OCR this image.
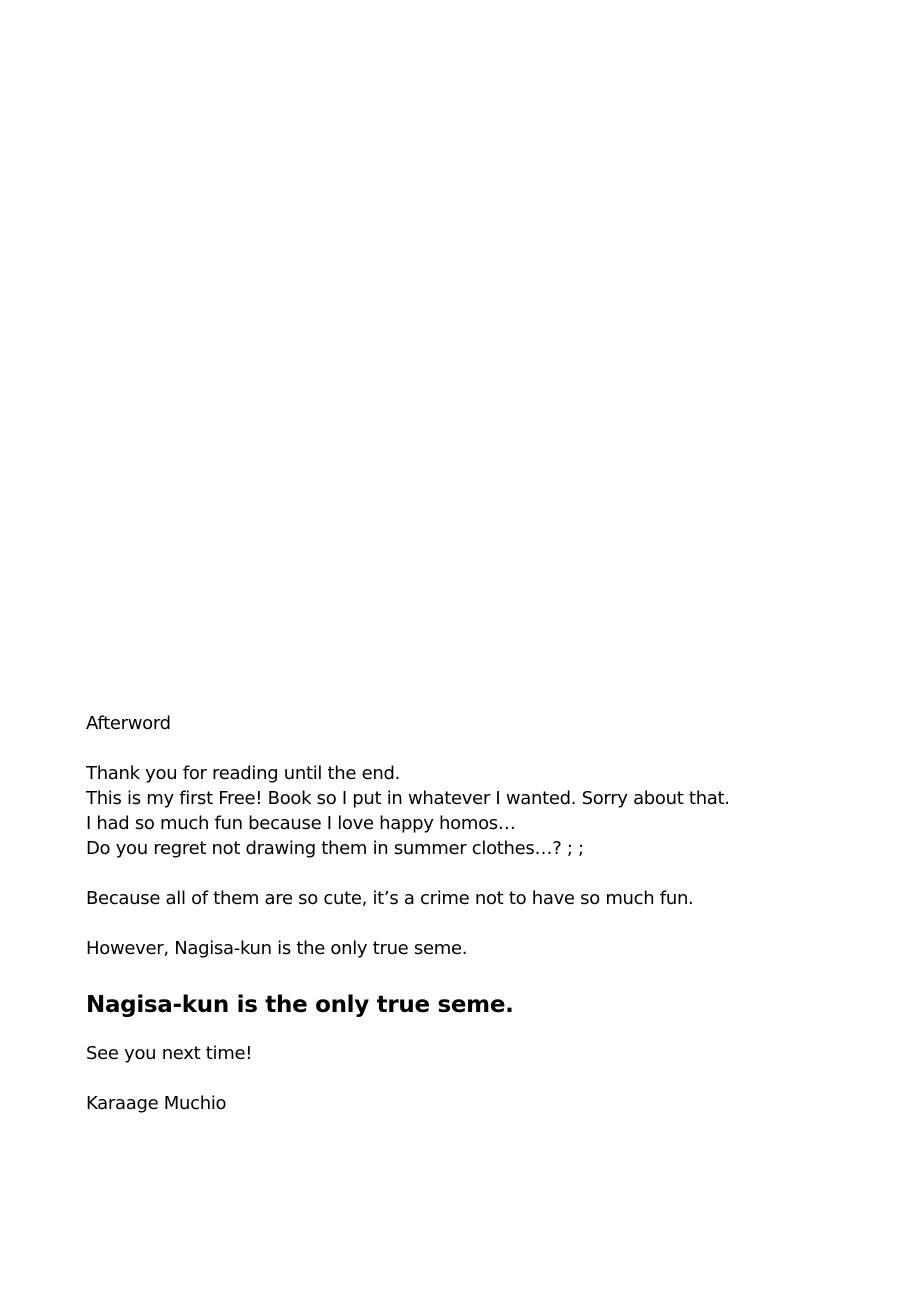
Afterword
Thank you for reading until the end.
This is my first Free! Book so I put in whatever I wanted. Sorry about that.
I had so much fun because I love happy homos…
Do you regret not drawing them in summer clothes…? ; ;
Because all of them are so cute, it’s a crime not to have so much fun.
However, Nagisa-kun is the only true seme.
Nagisa-kun is the only true seme.
See you next time!
Karaage Muchio
